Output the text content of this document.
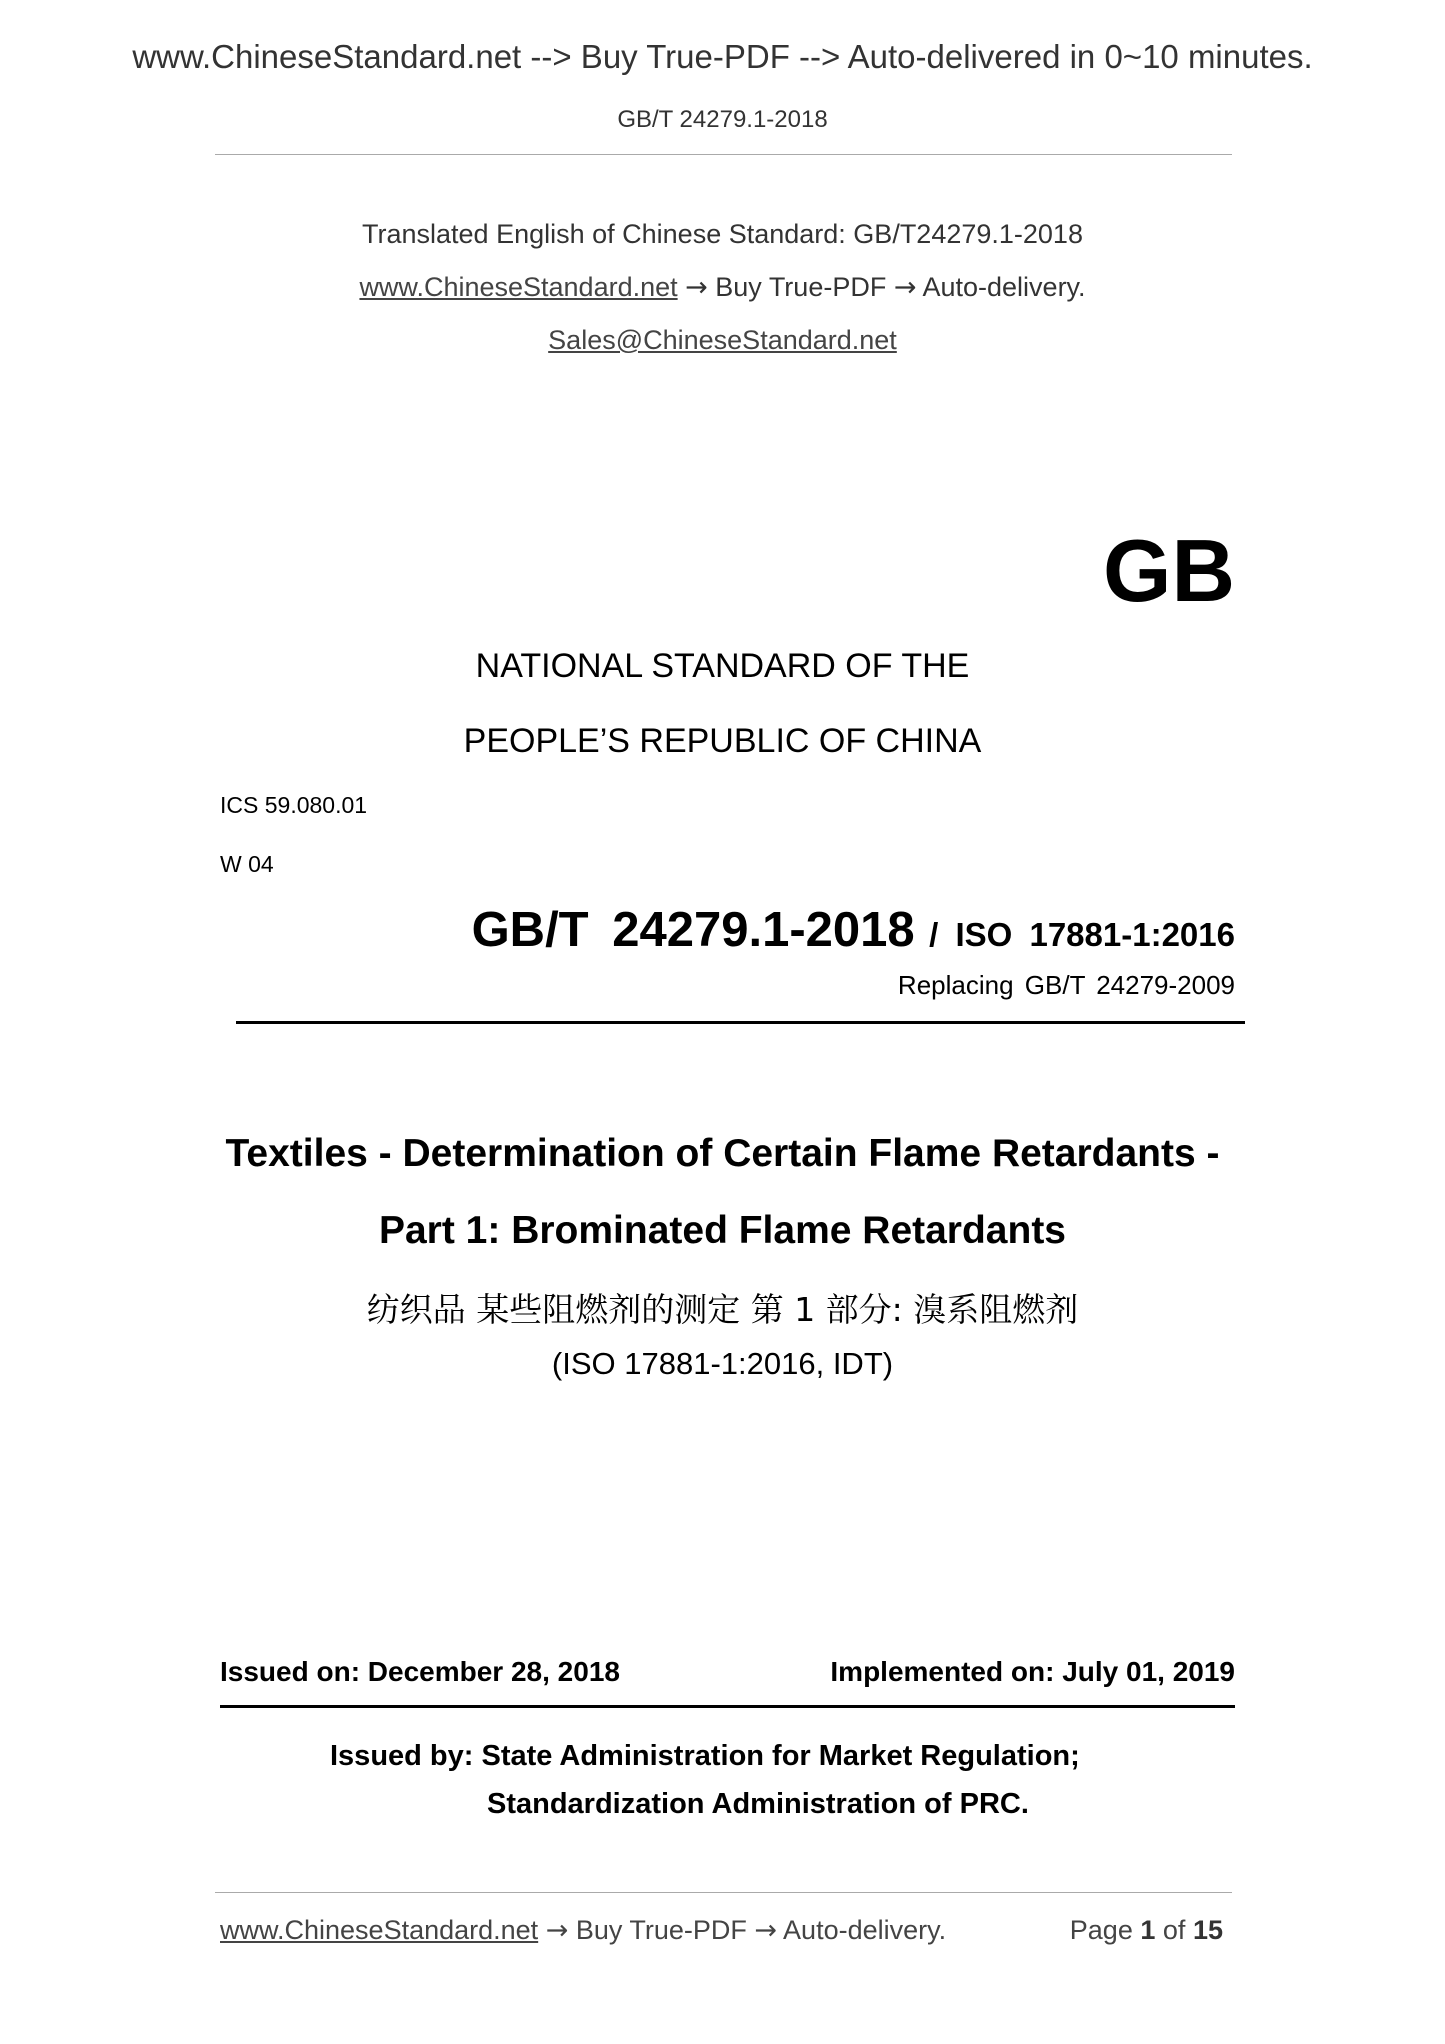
www.ChineseStandard.net --> Buy True-PDF --> Auto-delivered in 0~10 minutes.
GB/T 24279.1-2018
Translated English of Chinese Standard: GB/T24279.1-2018
www.ChineseStandard.net → Buy True-PDF → Auto-delivery.
Sales@ChineseStandard.net
GB
NATIONAL STANDARD OF THE
PEOPLE’S REPUBLIC OF CHINA
ICS 59.080.01
W 04
GB/T 24279.1-2018 / ISO 17881-1:2016
Replacing GB/T 24279-2009
Textiles - Determination of Certain Flame Retardants -
Part 1: Brominated Flame Retardants
纺织品 某些阻燃剂的测定 第 1 部分: 溴系阻燃剂
(ISO 17881-1:2016, IDT)
Issued on: December 28, 2018	Implemented on: July 01, 2019
Issued by: State Administration for Market Regulation;
Standardization Administration of PRC.
www.ChineseStandard.net → Buy True-PDF → Auto-delivery.	Page 1 of 15
